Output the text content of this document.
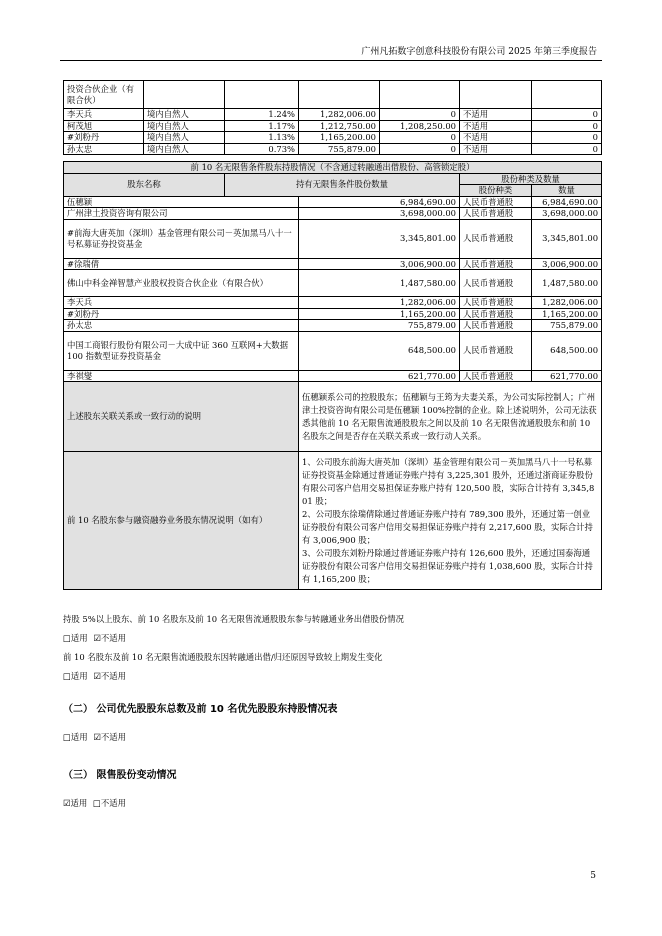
广州凡拓数字创意科技股份有限公司 2025 年第三季度报告
投资合伙企业（有限合伙）						
李天兵	境内自然人	1.24%	1,282,006.00	0	不适用	0
柯茂旭	境内自然人	1.17%	1,212,750.00	1,208,250.00	不适用	0
#刘粉丹	境内自然人	1.13%	1,165,200.00	0	不适用	0
孙太忠	境内自然人	0.73%	755,879.00	0	不适用	0
前 10 名无限售条件股东持股情况（不含通过转融通出借股份、高管锁定股）				
股东名称	持有无限售条件股份数量		股份种类及数量	
			股份种类	数量
伍穗颖		6,984,690.00	人民币普通股	6,984,690.00
广州津土投资咨询有限公司		3,698,000.00	人民币普通股	3,698,000.00
#前海大唐英加（深圳）基金管理有限公司－英加黑马八十一号私募证券投资基金		3,345,801.00	人民币普通股	3,345,801.00
#徐瑞倩		3,006,900.00	人民币普通股	3,006,900.00
佛山中科金禅智慧产业股权投资合伙企业（有限合伙）		1,487,580.00	人民币普通股	1,487,580.00
李天兵		1,282,006.00	人民币普通股	1,282,006.00
#刘粉丹		1,165,200.00	人民币普通股	1,165,200.00
孙太忠		755,879.00	人民币普通股	755,879.00
中国工商银行股份有限公司－大成中证 360 互联网+大数据 100 指数型证券投资基金		648,500.00	人民币普通股	648,500.00
李祺燮		621,770.00	人民币普通股	621,770.00
上述股东关联关系或一致行动的说明		伍穗颖系公司的控股股东；伍穗颖与王筠为夫妻关系，为公司实际控制人；广州津土投资咨询有限公司是伍穗颖 100%控制的企业。除上述说明外，公司无法获悉其他前 10 名无限售流通股股东之间以及前 10 名无限售流通股股东和前 10 名股东之间是否存在关联关系或一致行动人关系。		
前 10 名股东参与融资融券业务股东情况说明（如有）		1、公司股东前海大唐英加（深圳）基金管理有限公司－英加黑马八十一号私募证券投资基金除通过普通证券账户持有 3,225,301 股外，还通过浙商证券股份有限公司客户信用交易担保证券账户持有 120,500 股，实际合计持有 3,345,801 股；
2、公司股东徐瑞倩除通过普通证券账户持有 789,300 股外，还通过第一创业证券股份有限公司客户信用交易担保证券账户持有 2,217,600 股，实际合计持有 3,006,900 股；
3、公司股东刘粉丹除通过普通证券账户持有 126,600 股外，还通过国泰海通证券股份有限公司客户信用交易担保证券账户持有 1,038,600 股，实际合计持有 1,165,200 股；		
持股 5%以上股东、前 10 名股东及前 10 名无限售流通股股东参与转融通业务出借股份情况
□适用 ☑不适用
前 10 名股东及前 10 名无限售流通股股东因转融通出借/归还原因导致较上期发生变化
□适用 ☑不适用
（二） 公司优先股股东总数及前 10 名优先股股东持股情况表
□适用 ☑不适用
（三） 限售股份变动情况
☑适用 □不适用
5
